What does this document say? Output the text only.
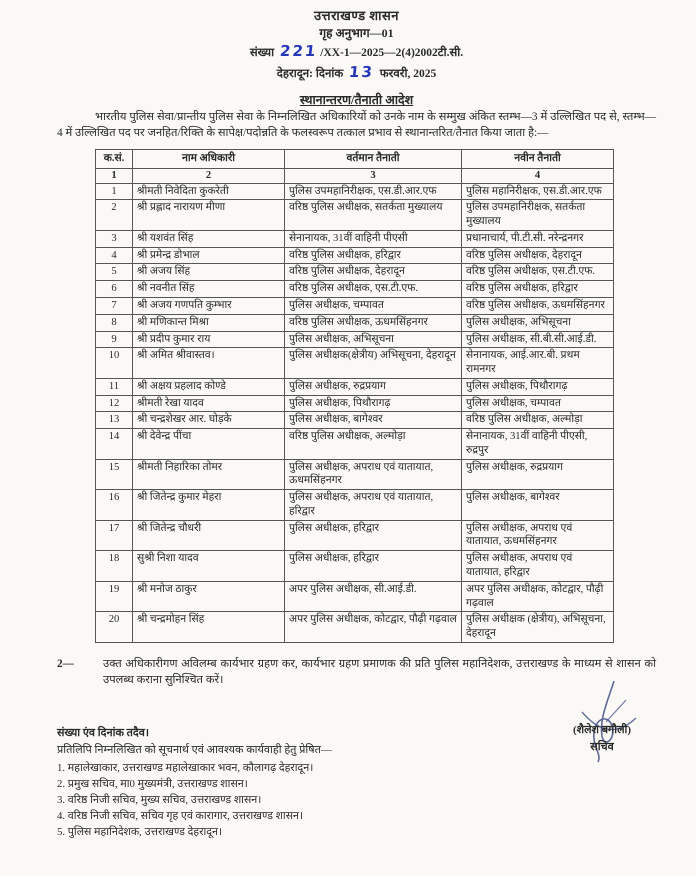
उत्तराखण्ड शासन
गृह अनुभाग—01
संख्या 221 /XX-1—2025—2(4)2002टी.सी.
देहरादून: दिनांक 13 फरवरी, 2025
स्थानान्तरण/तैनाती आदेश
भारतीय पुलिस सेवा/प्रान्तीय पुलिस सेवा के निम्नलिखित अधिकारियों को उनके नाम के सम्मुख अंकित स्तम्भ—3 में उल्लिखित पद से, स्तम्भ—4 में उल्लिखित पद पर जनहित/रिक्ति के सापेक्ष/पदोन्नति के फलस्वरूप तत्काल प्रभाव से स्थानान्तरित/तैनात किया जाता है:—
क.सं.	नाम अधिकारी	वर्तमान तैनाती	नवीन तैनाती
1	2	3	4
1	श्रीमती निवेदिता कुकरेती	पुलिस उपमहानिरीक्षक, एस.डी.आर.एफ	पुलिस महानिरीक्षक, एस.डी.आर.एफ
2	श्री प्रह्लाद नारायण मीणा	वरिष्ठ पुलिस अधीक्षक, सतर्कता मुख्यालय	पुलिस उपमहानिरीक्षक, सतर्कता मुख्यालय
3	श्री यशवंत सिंह	सेनानायक, 31वीं वाहिनी पीएसी	प्रधानाचार्य, पी.टी.सी. नरेन्द्रनगर
4	श्री प्रमेन्द्र डोभाल	वरिष्ठ पुलिस अधीक्षक, हरिद्वार	वरिष्ठ पुलिस अधीक्षक, देहरादून
5	श्री अजय सिंह	वरिष्ठ पुलिस अधीक्षक, देहरादून	वरिष्ठ पुलिस अधीक्षक, एस.टी.एफ.
6	श्री नवनीत सिंह	वरिष्ठ पुलिस अधीक्षक, एस.टी.एफ.	वरिष्ठ पुलिस अधीक्षक, हरिद्वार
7	श्री अजय गणपति कुम्भार	पुलिस अधीक्षक, चम्पावत	वरिष्ठ पुलिस अधीक्षक, ऊधमसिंहनगर
8	श्री मणिकान्त मिश्रा	वरिष्ठ पुलिस अधीक्षक, ऊधमसिंहनगर	पुलिस अधीक्षक, अभिसूचना
9	श्री प्रदीप कुमार राय	पुलिस अधीक्षक, अभिसूचना	पुलिस अधीक्षक, सी.बी.सी.आई.डी.
10	श्री अमित श्रीवास्तव।	पुलिस अधीक्षक(क्षेत्रीय) अभिसूचना, देहरादून	सेनानायक, आई.आर.बी. प्रथम रामनगर
11	श्री अक्षय प्रहलाद कोण्डे	पुलिस अधीक्षक, रुद्रप्रयाग	पुलिस अधीक्षक, पिथौरागढ़
12	श्रीमती रेखा यादव	पुलिस अधीक्षक, पिथौरागढ़	पुलिस अधीक्षक, चम्पावत
13	श्री चन्द्रशेखर आर. घोड़के	पुलिस अधीक्षक, बागेश्वर	वरिष्ठ पुलिस अधीक्षक, अल्मोड़ा
14	श्री देवेन्द्र पींचा	वरिष्ठ पुलिस अधीक्षक, अल्मोड़ा	सेनानायक, 31वीं वाहिनी पीएसी, रुद्रपुर
15	श्रीमती निहारिका तोमर	पुलिस अधीक्षक, अपराध एवं यातायात, ऊधमसिंहनगर	पुलिस अधीक्षक, रुद्रप्रयाग
16	श्री जितेन्द्र कुमार मेहरा	पुलिस अधीक्षक, अपराध एवं यातायात, हरिद्वार	पुलिस अधीक्षक, बागेश्वर
17	श्री जितेन्द्र चौधरी	पुलिस अधीक्षक, हरिद्वार	पुलिस अधीक्षक, अपराध एवं यातायात, ऊधमसिंहनगर
18	सुश्री निशा यादव	पुलिस अधीक्षक, हरिद्वार	पुलिस अधीक्षक, अपराध एवं यातायात, हरिद्वार
19	श्री मनोज ठाकुर	अपर पुलिस अधीक्षक, सी.आई.डी.	अपर पुलिस अधीक्षक, कोटद्वार, पौढ़ी गढ़वाल
20	श्री चन्द्रमोहन सिंह	अपर पुलिस अधीक्षक, कोटद्वार, पौढ़ी गढ़वाल	पुलिस अधीक्षक (क्षेत्रीय), अभिसूचना, देहरादून
2—	उक्त अधिकारीगण अविलम्ब कार्यभार ग्रहण कर, कार्यभार ग्रहण प्रमाणक की प्रति पुलिस महानिदेशक, उत्तराखण्ड के माध्यम से शासन को उपलब्ध कराना सुनिश्चित करें।
(शैलेश बगौली)
सचिव
संख्या एंव दिनांक तदैव।
प्रतिलिपि निम्नलिखित को सूचनार्थ एवं आवश्यक कार्यवाही हेतु प्रेषित—
1. महालेखाकार, उत्तराखण्ड महालेखाकार भवन, कौलागढ़ देहरादून।
2. प्रमुख सचिव, मा0 मुख्यमंत्री, उत्तराखण्ड शासन।
3. वरिष्ठ निजी सचिव, मुख्य सचिव, उत्तराखण्ड शासन।
4. वरिष्ठ निजी सचिव, सचिव गृह एवं कारागार, उत्तराखण्ड शासन।
5. पुलिस महानिदेशक, उत्तराखण्ड देहरादून।
